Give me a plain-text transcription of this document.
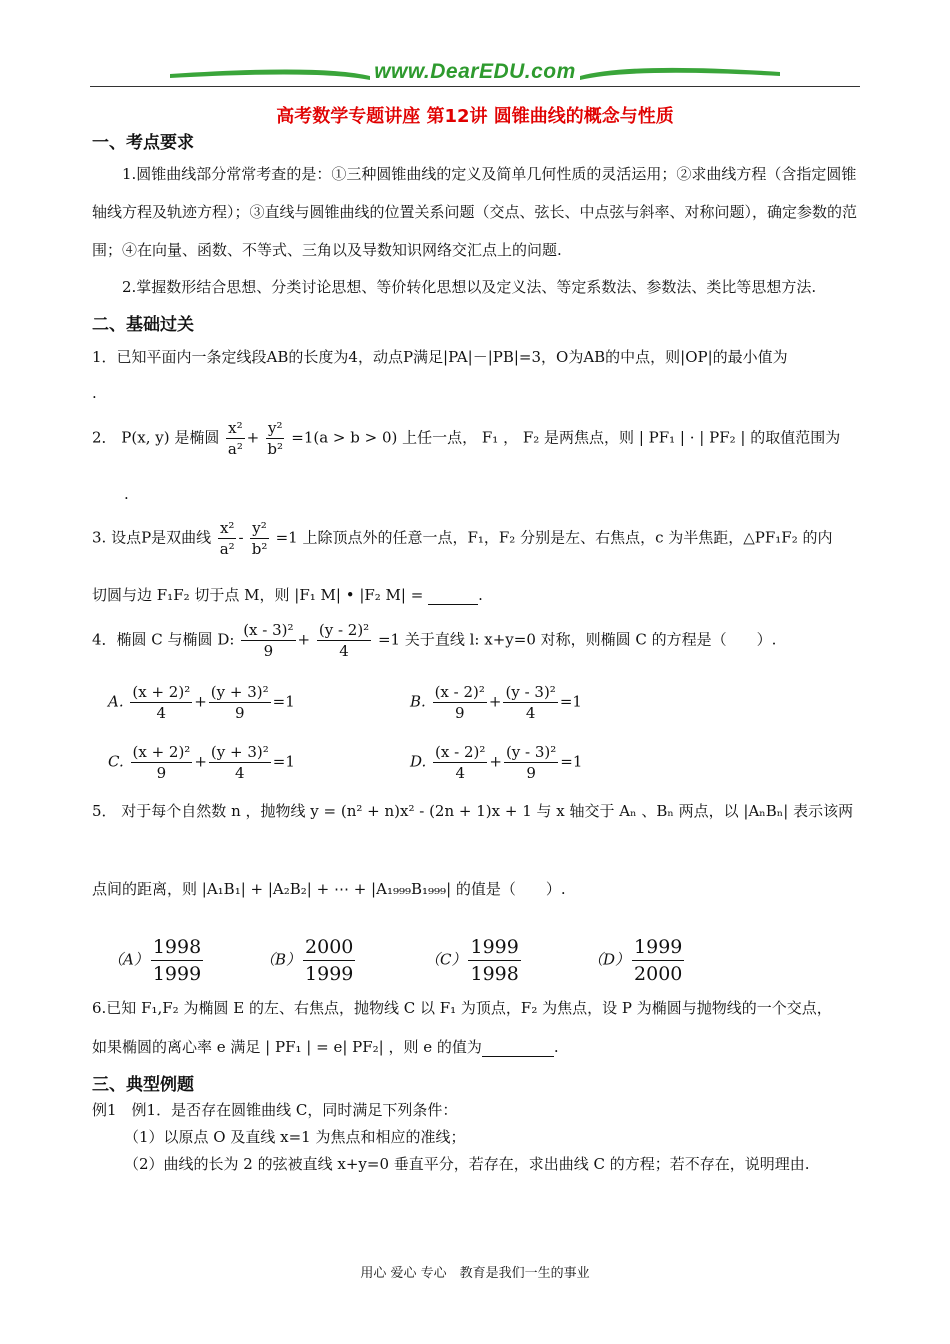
www.DearEDU.com
高考数学专题讲座 第12讲 圆锥曲线的概念与性质
一、考点要求
1.圆锥曲线部分常常考查的是：①三种圆锥曲线的定义及简单几何性质的灵活运用；②求曲线方程（含指定圆锥轴线方程及轨迹方程）；③直线与圆锥曲线的位置关系问题（交点、弦长、中点弦与斜率、对称问题），确定参数的范围；④在向量、函数、不等式、三角以及导数知识网络交汇点上的问题.
2.掌握数形结合思想、分类讨论思想、等价转化思想以及定义法、等定系数法、参数法、类比等思想方法.
二、基础过关
1．已知平面内一条定线段AB的长度为4，动点P满足|PA|－|PB|=3，O为AB的中点，则|OP|的最小值为
.
2． P(x, y) 是椭圆 $\frac{\text{x²}}{\text{a²}} + \frac{\text{y²}}{\text{b²}} =1(a > b > 0)$ 上任一点， F₁ ， F₂ 是两焦点，则 | PF₁ | · | PF₂ | 的取值范围为
.
3. 设点P是双曲线 $\frac{\text{x²}}{\text{a²}} - \frac{\text{y²}}{\text{b²}} =1$ 上除顶点外的任意一点，F₁，F₂ 分别是左、右焦点，c 为半焦距，△PF₁F₂ 的内
切圆与边 F₁F₂ 切于点 M，则 |F₁ M| • |F₂ M| =	.
4．椭圆 C 与椭圆 D: $\frac{\text{(x - 3)²}}{9} + \frac{\text{(y - 2)²}}{4} =1$ 关于直线 l: x+y=0 对称，则椭圆 C 的方程是（　　）.
A. $\frac{\text{(x + 2)²}}{4} + \frac{\text{(y + 3)²}}{9} =1$	B. $\frac{\text{(x - 2)²}}{9} + \frac{\text{(y - 3)²}}{4} =1$
C. $\frac{\text{(x + 2)²}}{9} + \frac{\text{(y + 3)²}}{4} =1$	D. $\frac{\text{(x - 2)²}}{4} + \frac{\text{(y - 3)²}}{9} =1$
5． 对于每个自然数 n ，抛物线 y = (n² + n)x² - (2n + 1)x + 1 与 x 轴交于 Aₙ 、Bₙ 两点，以 |AₙBₙ| 表示该两
点间的距离，则 |A₁B₁| + |A₂B₂| + ⋯ + |A₁₉₉₉B₁₉₉₉| 的值是（　　）.
$(A) \frac{1998}{1999}$	$(B) \frac{2000}{1999}$	$(C) \frac{1999}{1998}$	$(D) \frac{1999}{2000}$
6.已知 F₁,F₂ 为椭圆 E 的左、右焦点，抛物线 C 以 F₁ 为顶点，F₂ 为焦点，设 P 为椭圆与抛物线的一个交点，
如果椭圆的离心率 e 满足 | PF₁ | = e| PF₂| ，则 e 的值为	.
三、典型例题
例1　例1．是否存在圆锥曲线 C，同时满足下列条件：
（1）以原点 O 及直线 x=1 为焦点和相应的准线；
（2）曲线的长为 2 的弦被直线 x+y=0 垂直平分，若存在，求出曲线 C 的方程；若不存在，说明理由.
用心 爱心 专心　教育是我们一生的事业
